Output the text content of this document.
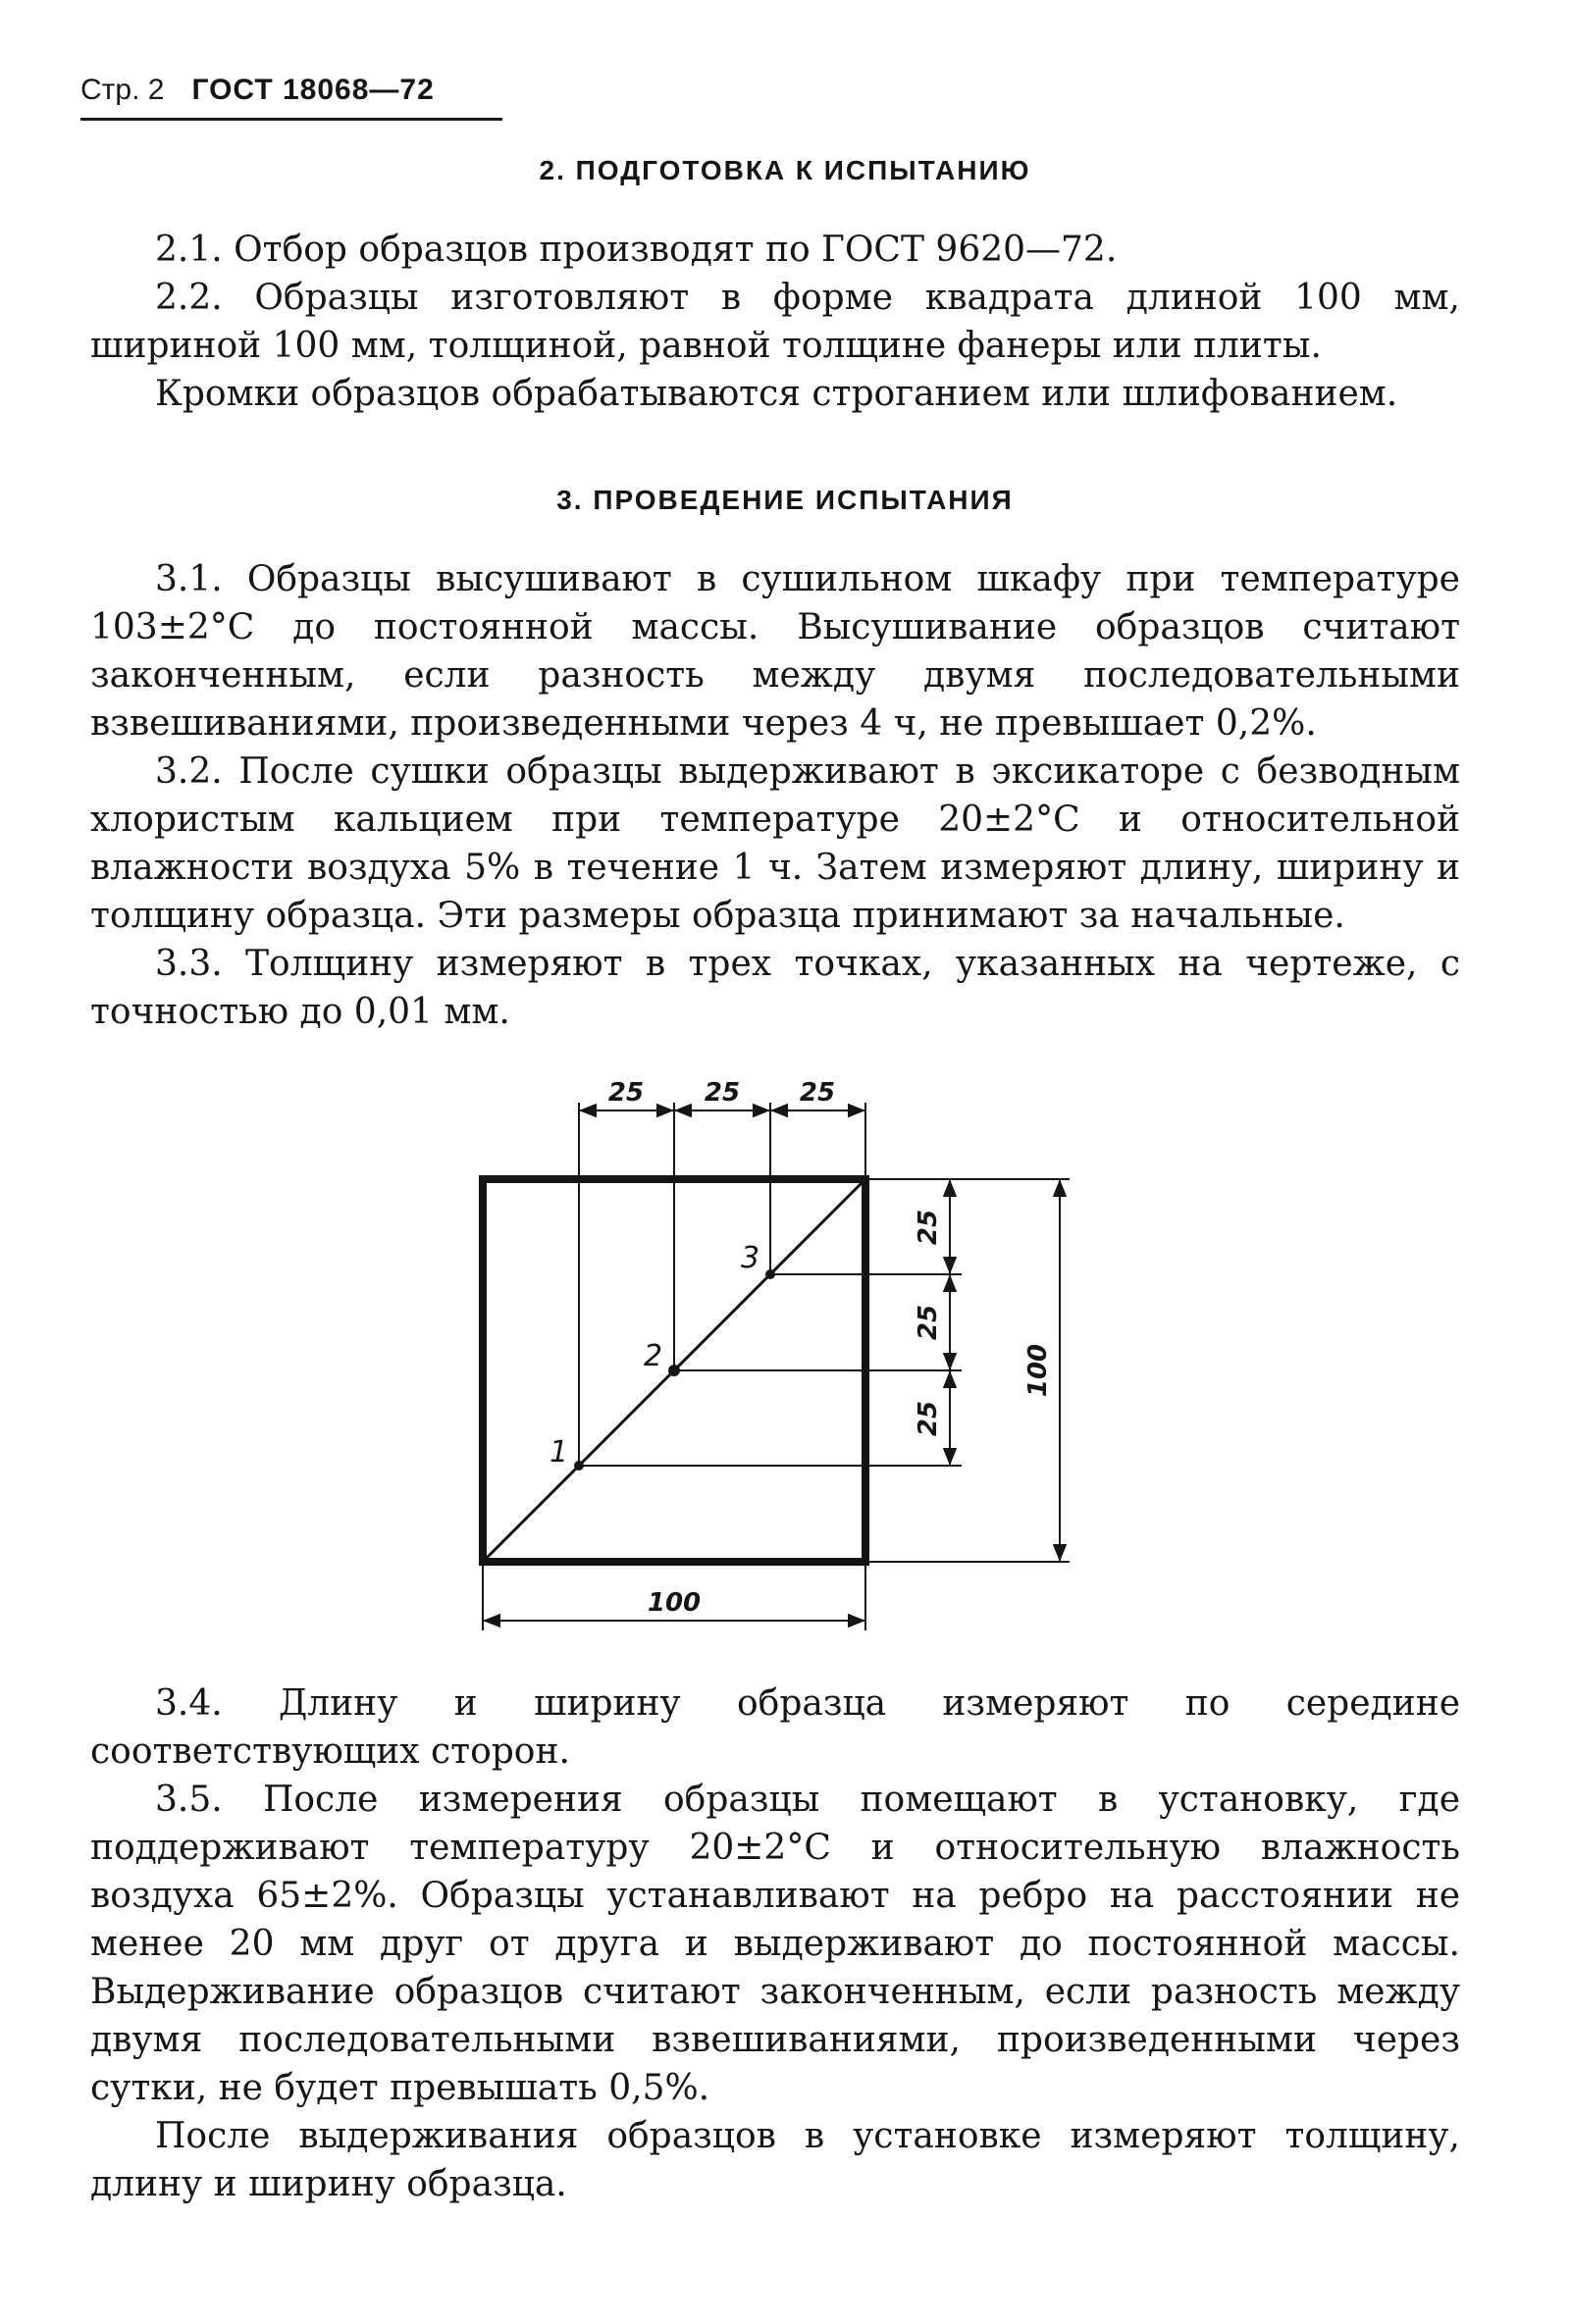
Стр. 2 ГОСТ 18068—72
2. ПОДГОТОВКА К ИСПЫТАНИЮ
2.1. Отбор образцов производят по ГОСТ 9620—72.
2.2. Образцы изготовляют в форме квадрата длиной 100 мм, шириной 100 мм, толщиной, равной толщине фанеры или плиты.
Кромки образцов обрабатываются строганием или шлифованием.
3. ПРОВЕДЕНИЕ ИСПЫТАНИЯ
3.1. Образцы высушивают в сушильном шкафу при температуре 103±2°С до постоянной массы. Высушивание образцов считают законченным, если разность между двумя последовательными взвешиваниями, произведенными через 4 ч, не превышает 0,2%.
3.2. После сушки образцы выдерживают в эксикаторе с безводным хлористым кальцием при температуре 20±2°С и относительной влажности воздуха 5% в течение 1 ч. Затем измеряют длину, ширину и толщину образца. Эти размеры образца принимают за начальные.
3.3. Толщину измеряют в трех точках, указанных на чертеже, с точностью до 0,01 мм.
25 25 25
25
25
25
100
100
1
2
3
3.4. Длину и ширину образца измеряют по середине соответствующих сторон.
3.5. После измерения образцы помещают в установку, где поддерживают температуру 20±2°С и относительную влажность воздуха 65±2%. Образцы устанавливают на ребро на расстоянии не менее 20 мм друг от друга и выдерживают до постоянной массы. Выдерживание образцов считают законченным, если разность между двумя последовательными взвешиваниями, произведенными через сутки, не будет превышать 0,5%.
После выдерживания образцов в установке измеряют толщину, длину и ширину образца.
